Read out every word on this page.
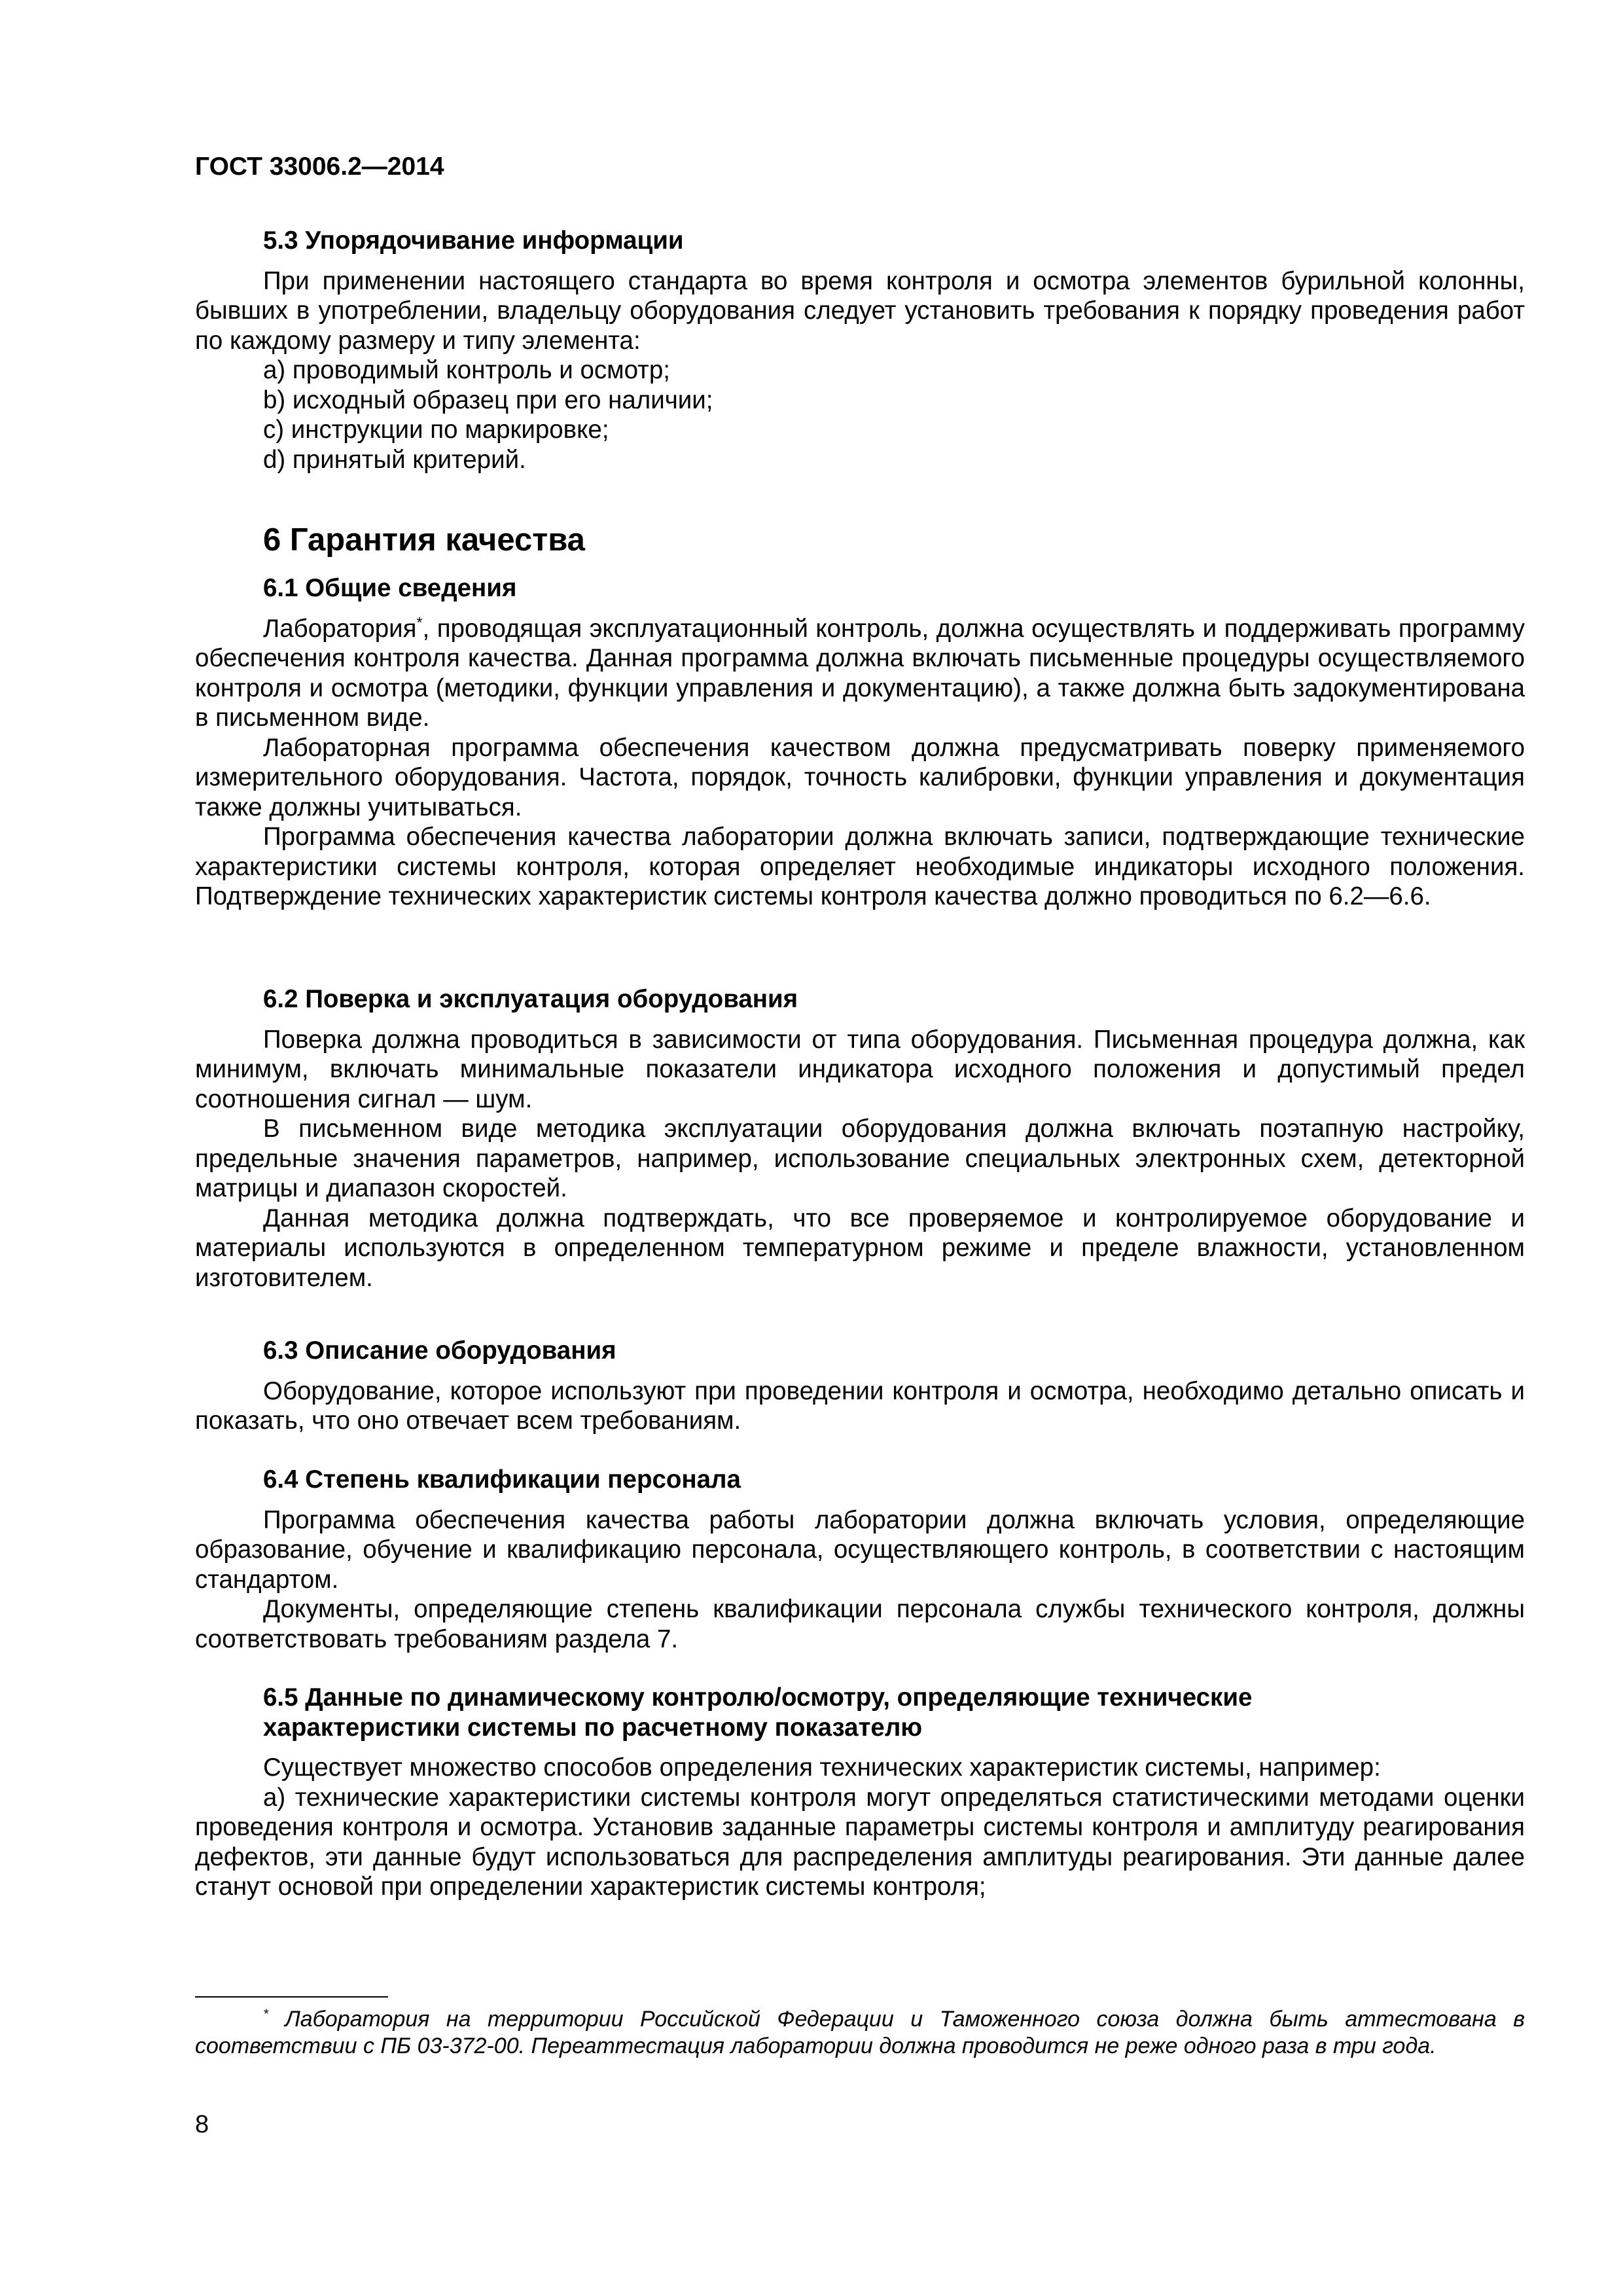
ГОСТ 33006.2—2014
5.3 Упорядочивание информации

При применении настоящего стандарта во время контроля и осмотра элементов бурильной колонны, бывших в употреблении, владельцу оборудования следует установить требования к порядку проведения работ по каждому размеру и типу элемента:

a) проводимый контроль и осмотр;

b) исходный образец при его наличии;

c) инструкции по маркировке;

d) принятый критерий.

6 Гарантия качества
6.1 Общие сведения

Лаборатория*, проводящая эксплуатационный контроль, должна осуществлять и поддерживать программу обеспечения контроля качества. Данная программа должна включать письменные процедуры осуществляемого контроля и осмотра (методики, функции управления и документацию), а также должна быть задокументирована в письменном виде.

Лабораторная программа обеспечения качеством должна предусматривать поверку применяемого измерительного оборудования. Частота, порядок, точность калибровки, функции управления и документация также должны учитываться.

Программа обеспечения качества лаборатории должна включать записи, подтверждающие технические характеристики системы контроля, которая определяет необходимые индикаторы исходного положения. Подтверждение технических характеристик системы контроля качества должно проводиться по 6.2—6.6.

6.2 Поверка и эксплуатация оборудования

Поверка должна проводиться в зависимости от типа оборудования. Письменная процедура должна, как минимум, включать минимальные показатели индикатора исходного положения и допустимый предел соотношения сигнал — шум.

В письменном виде методика эксплуатации оборудования должна включать поэтапную настройку, предельные значения параметров, например, использование специальных электронных схем, детекторной матрицы и диапазон скоростей.

Данная методика должна подтверждать, что все проверяемое и контролируемое оборудование и материалы используются в определенном температурном режиме и пределе влажности, установленном изготовителем.

6.3 Описание оборудования

Оборудование, которое используют при проведении контроля и осмотра, необходимо детально описать и показать, что оно отвечает всем требованиям.

6.4 Степень квалификации персонала

Программа обеспечения качества работы лаборатории должна включать условия, определяющие образование, обучение и квалификацию персонала, осуществляющего контроль, в соответствии с настоящим стандартом.

Документы, определяющие степень квалификации персонала службы технического контроля, должны соответствовать требованиям раздела 7.

6.5 Данные по динамическому контролю/осмотру, определяющие технические
характеристики системы по расчетному показателю

Существует множество способов определения технических характеристик системы, например:

a) технические характеристики системы контроля могут определяться статистическими методами оценки проведения контроля и осмотра. Установив заданные параметры системы контроля и амплитуду реагирования дефектов, эти данные будут использоваться для распределения амплитуды реагирования. Эти данные далее станут основой при определении характеристик системы контроля;

* Лаборатория на территории Российской Федерации и Таможенного союза должна быть аттестована в соответствии с ПБ 03-372-00. Переаттестация лаборатории должна проводится не реже одного раза в три года.
8
